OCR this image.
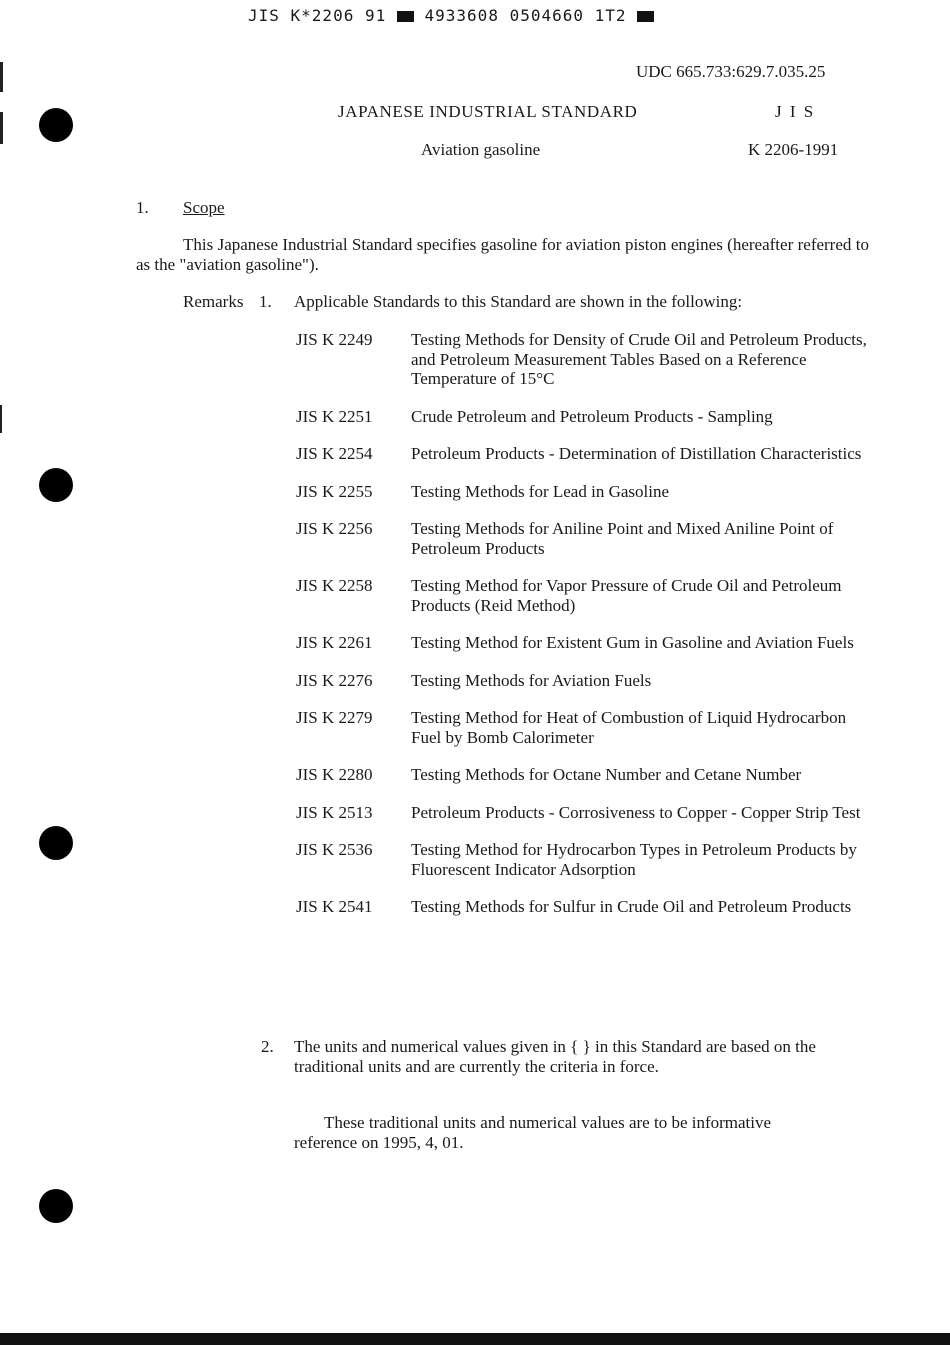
JIS K*2206 91 4933608 0504660 1T2
UDC 665.733:629.7.035.25
JAPANESE INDUSTRIAL STANDARD	J I S
Aviation gasoline	K 2206-1991
1. Scope
This Japanese Industrial Standard specifies gasoline for aviation piston engines (hereafter referred to as the "aviation gasoline").
Remarks 1. Applicable Standards to this Standard are shown in the following:
JIS K 2249	Testing Methods for Density of Crude Oil and Petroleum Products, and Petroleum Measurement Tables Based on a Reference Temperature of 15°C
JIS K 2251	Crude Petroleum and Petroleum Products - Sampling
JIS K 2254	Petroleum Products - Determination of Distillation Characteristics
JIS K 2255	Testing Methods for Lead in Gasoline
JIS K 2256	Testing Methods for Aniline Point and Mixed Aniline Point of Petroleum Products
JIS K 2258	Testing Method for Vapor Pressure of Crude Oil and Petroleum Products (Reid Method)
JIS K 2261	Testing Method for Existent Gum in Gasoline and Aviation Fuels
JIS K 2276	Testing Methods for Aviation Fuels
JIS K 2279	Testing Method for Heat of Combustion of Liquid Hydrocarbon Fuel by Bomb Calorimeter
JIS K 2280	Testing Methods for Octane Number and Cetane Number
JIS K 2513	Petroleum Products - Corrosiveness to Copper - Copper Strip Test
JIS K 2536	Testing Method for Hydrocarbon Types in Petroleum Products by Fluorescent Indicator Adsorption
JIS K 2541	Testing Methods for Sulfur in Crude Oil and Petroleum Products
2. The units and numerical values given in { } in this Standard are based on the traditional units and are currently the criteria in force.
These traditional units and numerical values are to be informative reference on 1995, 4, 01.
